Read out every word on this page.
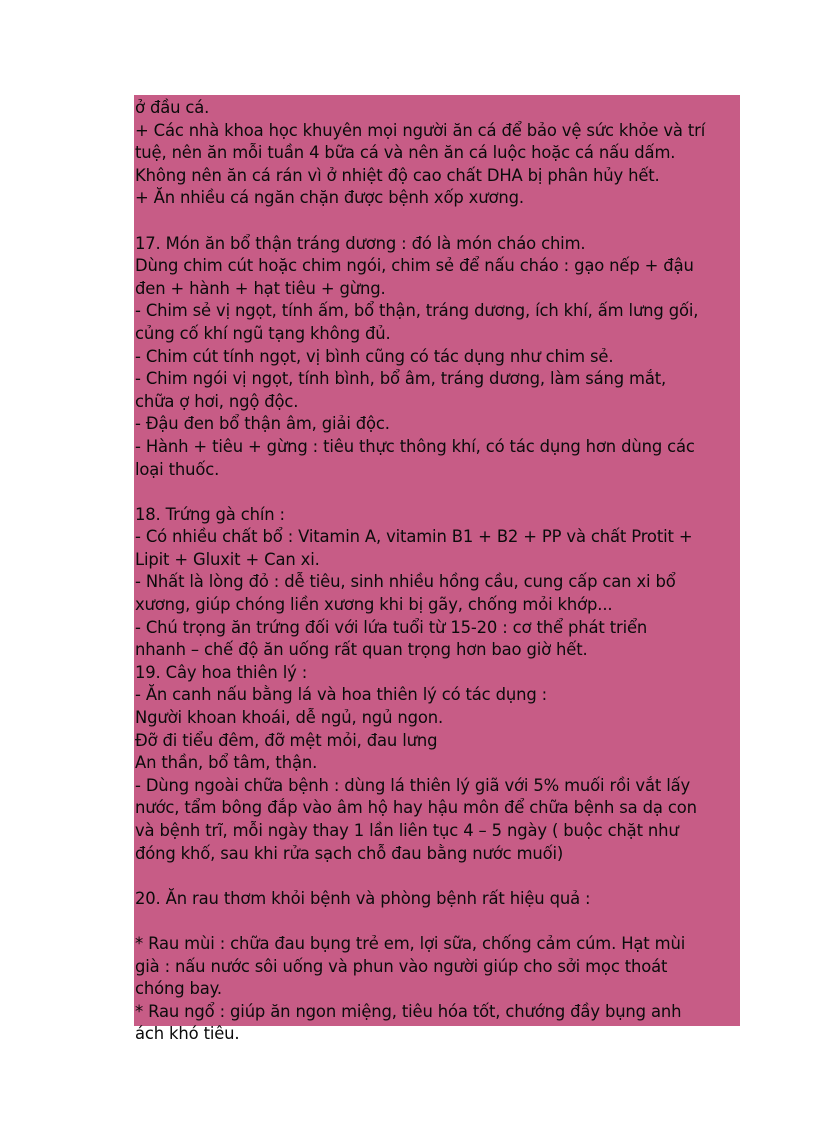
ở đầu cá.
+ Các nhà khoa học khuyên mọi người ăn cá để bảo vệ sức khỏe và trí
tuệ, nên ăn mỗi tuần 4 bữa cá và nên ăn cá luộc hoặc cá nấu dấm.
Không nên ăn cá rán vì ở nhiệt độ cao chất DHA bị phân hủy hết.
+ Ăn nhiều cá ngăn chặn được bệnh xốp xương.
17. Món ăn bổ thận tráng dương : đó là món cháo chim.
Dùng chim cút hoặc chim ngói, chim sẻ để nấu cháo : gạo nếp + đậu
đen + hành + hạt tiêu + gừng.
- Chim sẻ vị ngọt, tính ấm, bổ thận, tráng dương, ích khí, ấm lưng gối,
củng cố khí ngũ tạng không đủ.
- Chim cút tính ngọt, vị bình cũng có tác dụng như chim sẻ.
- Chim ngói vị ngọt, tính bình, bổ âm, tráng dương, làm sáng mắt,
chữa ợ hơi, ngộ độc.
- Đậu đen bổ thận âm, giải độc.
- Hành + tiêu + gừng : tiêu thực thông khí, có tác dụng hơn dùng các
loại thuốc.
18. Trứng gà chín :
- Có nhiều chất bổ : Vitamin A, vitamin B1 + B2 + PP và chất Protit +
Lipit + Gluxit + Can xi.
- Nhất là lòng đỏ : dễ tiêu, sinh nhiều hồng cầu, cung cấp can xi bổ
xương, giúp chóng liền xương khi bị gãy, chống mỏi khớp...
- Chú trọng ăn trứng đối với lứa tuổi từ 15-20 : cơ thể phát triển
nhanh – chế độ ăn uống rất quan trọng hơn bao giờ hết.
19. Cây hoa thiên lý :
- Ăn canh nấu bằng lá và hoa thiên lý có tác dụng :
Người khoan khoái, dễ ngủ, ngủ ngon.
Đỡ đi tiểu đêm, đỡ mệt mỏi, đau lưng
An thần, bổ tâm, thận.
- Dùng ngoài chữa bệnh : dùng lá thiên lý giã với 5% muối rồi vắt lấy
nước, tẩm bông đắp vào âm hộ hay hậu môn để chữa bệnh sa dạ con
và bệnh trĩ, mỗi ngày thay 1 lần liên tục 4 – 5 ngày ( buộc chặt như
đóng khố, sau khi rửa sạch chỗ đau bằng nước muối)
20. Ăn rau thơm khỏi bệnh và phòng bệnh rất hiệu quả :
* Rau mùi : chữa đau bụng trẻ em, lợi sữa, chống cảm cúm. Hạt mùi
già : nấu nước sôi uống và phun vào người giúp cho sởi mọc thoát
chóng bay.
* Rau ngổ : giúp ăn ngon miệng, tiêu hóa tốt, chướng đầy bụng anh
ách khó tiêu.
